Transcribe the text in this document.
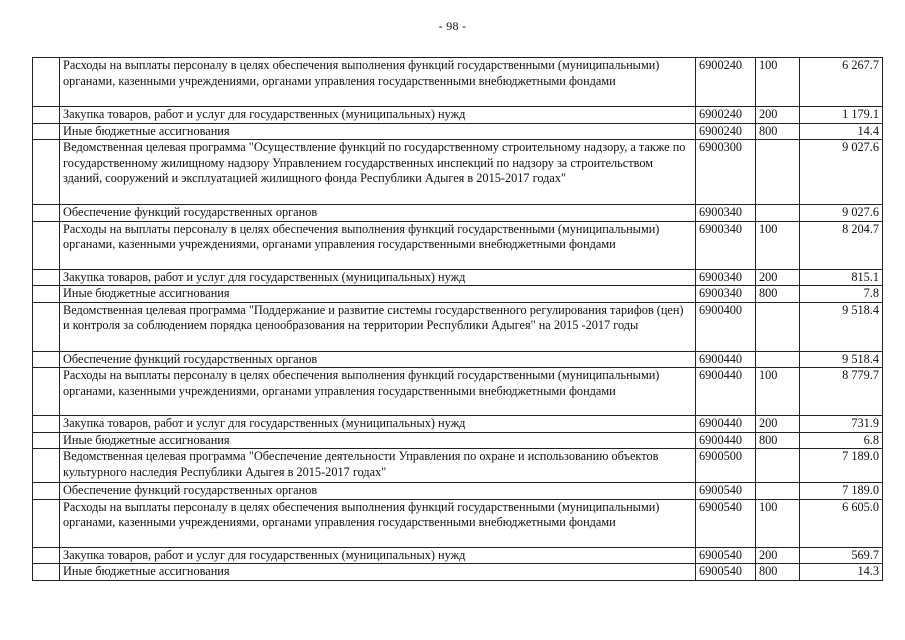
- 98 -
	Расходы на выплаты персоналу в целях обеспечения выполнения функций государственными (муниципальными) органами, казенными учреждениями, органами управления государственными внебюджетными фондами	6900240	100	6 267.7
	Закупка товаров, работ и услуг для государственных (муниципальных) нужд	6900240	200	1 179.1
	Иные бюджетные ассигнования	6900240	800	14.4
	Ведомственная целевая программа "Осуществление функций по государственному строительному надзору, а также по государственному жилищному надзору Управлением государственных инспекций по надзору за строительством зданий, сооружений и эксплуатацией жилищного фонда Республики Адыгея в 2015-2017 годах"	6900300		9 027.6
	Обеспечение функций государственных органов	6900340		9 027.6
	Расходы на выплаты персоналу в целях обеспечения выполнения функций государственными (муниципальными) органами, казенными учреждениями, органами управления государственными внебюджетными фондами	6900340	100	8 204.7
	Закупка товаров, работ и услуг для государственных (муниципальных) нужд	6900340	200	815.1
	Иные бюджетные ассигнования	6900340	800	7.8
	Ведомственная целевая программа "Поддержание и развитие системы государственного регулирования тарифов (цен) и контроля за соблюдением порядка ценообразования на территории Республики Адыгея" на 2015 -2017 годы	6900400		9 518.4
	Обеспечение функций государственных органов	6900440		9 518.4
	Расходы на выплаты персоналу в целях обеспечения выполнения функций государственными (муниципальными) органами, казенными учреждениями, органами управления государственными внебюджетными фондами	6900440	100	8 779.7
	Закупка товаров, работ и услуг для государственных (муниципальных) нужд	6900440	200	731.9
	Иные бюджетные ассигнования	6900440	800	6.8
	Ведомственная целевая программа "Обеспечение деятельности Управления по охране и использованию объектов культурного наследия Республики Адыгея в 2015-2017 годах"	6900500		7 189.0
	Обеспечение функций государственных органов	6900540		7 189.0
	Расходы на выплаты персоналу в целях обеспечения выполнения функций государственными (муниципальными) органами, казенными учреждениями, органами управления государственными внебюджетными фондами	6900540	100	6 605.0
	Закупка товаров, работ и услуг для государственных (муниципальных) нужд	6900540	200	569.7
	Иные бюджетные ассигнования	6900540	800	14.3
